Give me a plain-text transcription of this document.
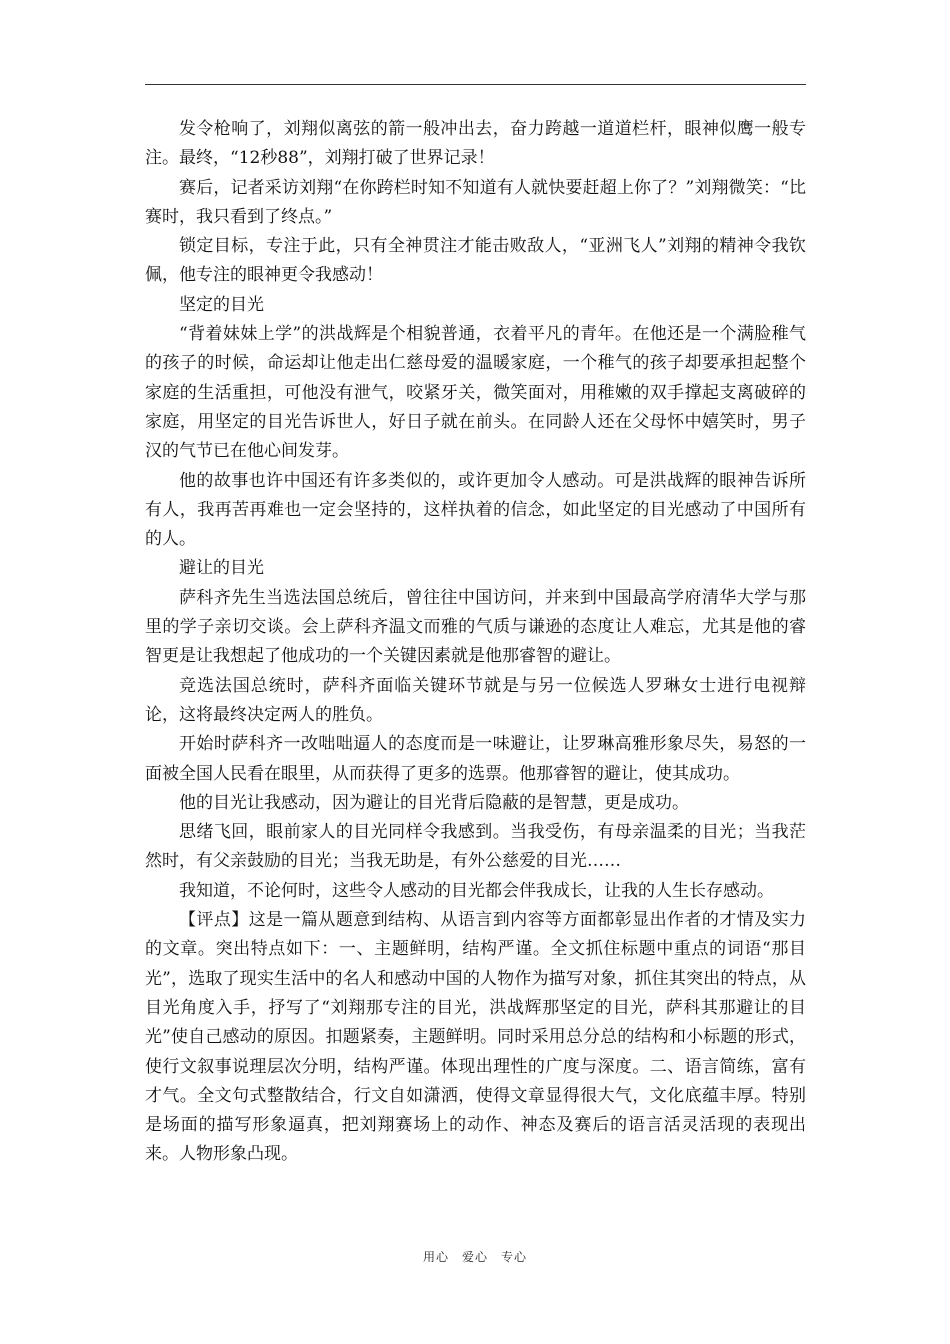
发令枪响了，刘翔似离弦的箭一般冲出去，奋力跨越一道道栏杆，眼神似鹰一般专注。最终，“12秒88”，刘翔打破了世界记录！

赛后，记者采访刘翔“在你跨栏时知不知道有人就快要赶超上你了？”刘翔微笑：“比赛时，我只看到了终点。”

锁定目标，专注于此，只有全神贯注才能击败敌人，“亚洲飞人”刘翔的精神令我钦佩，他专注的眼神更令我感动！

坚定的目光

“背着妹妹上学”的洪战辉是个相貌普通，衣着平凡的青年。在他还是一个满脸稚气的孩子的时候，命运却让他走出仁慈母爱的温暖家庭，一个稚气的孩子却要承担起整个家庭的生活重担，可他没有泄气，咬紧牙关，微笑面对，用稚嫩的双手撑起支离破碎的家庭，用坚定的目光告诉世人，好日子就在前头。在同龄人还在父母怀中嬉笑时，男子汉的气节已在他心间发芽。

他的故事也许中国还有许多类似的，或许更加令人感动。可是洪战辉的眼神告诉所有人，我再苦再难也一定会坚持的，这样执着的信念，如此坚定的目光感动了中国所有的人。

避让的目光

萨科齐先生当选法国总统后，曾往往中国访问，并来到中国最高学府清华大学与那里的学子亲切交谈。会上萨科齐温文而雅的气质与谦逊的态度让人难忘，尤其是他的睿智更是让我想起了他成功的一个关键因素就是他那睿智的避让。

竞选法国总统时，萨科齐面临关键环节就是与另一位候选人罗琳女士进行电视辩论，这将最终决定两人的胜负。

开始时萨科齐一改咄咄逼人的态度而是一味避让，让罗琳高雅形象尽失，易怒的一面被全国人民看在眼里，从而获得了更多的选票。他那睿智的避让，使其成功。

他的目光让我感动，因为避让的目光背后隐蔽的是智慧，更是成功。

思绪飞回，眼前家人的目光同样令我感到。当我受伤，有母亲温柔的目光；当我茫然时，有父亲鼓励的目光；当我无助是，有外公慈爱的目光……

我知道，不论何时，这些令人感动的目光都会伴我成长，让我的人生长存感动。

【评点】这是一篇从题意到结构、从语言到内容等方面都彰显出作者的才情及实力的文章。突出特点如下：一、主题鲜明，结构严谨。全文抓住标题中重点的词语“那目光”，选取了现实生活中的名人和感动中国的人物作为描写对象，抓住其突出的特点，从目光角度入手，抒写了“刘翔那专注的目光，洪战辉那坚定的目光，萨科其那避让的目光”使自己感动的原因。扣题紧奏，主题鲜明。同时采用总分总的结构和小标题的形式，使行文叙事说理层次分明，结构严谨。体现出理性的广度与深度。二、语言简练，富有才气。全文句式整散结合，行文自如潇洒，使得文章显得很大气，文化底蕴丰厚。特别是场面的描写形象逼真，把刘翔赛场上的动作、神态及赛后的语言活灵活现的表现出来。人物形象凸现。

用心　爱心　专心
